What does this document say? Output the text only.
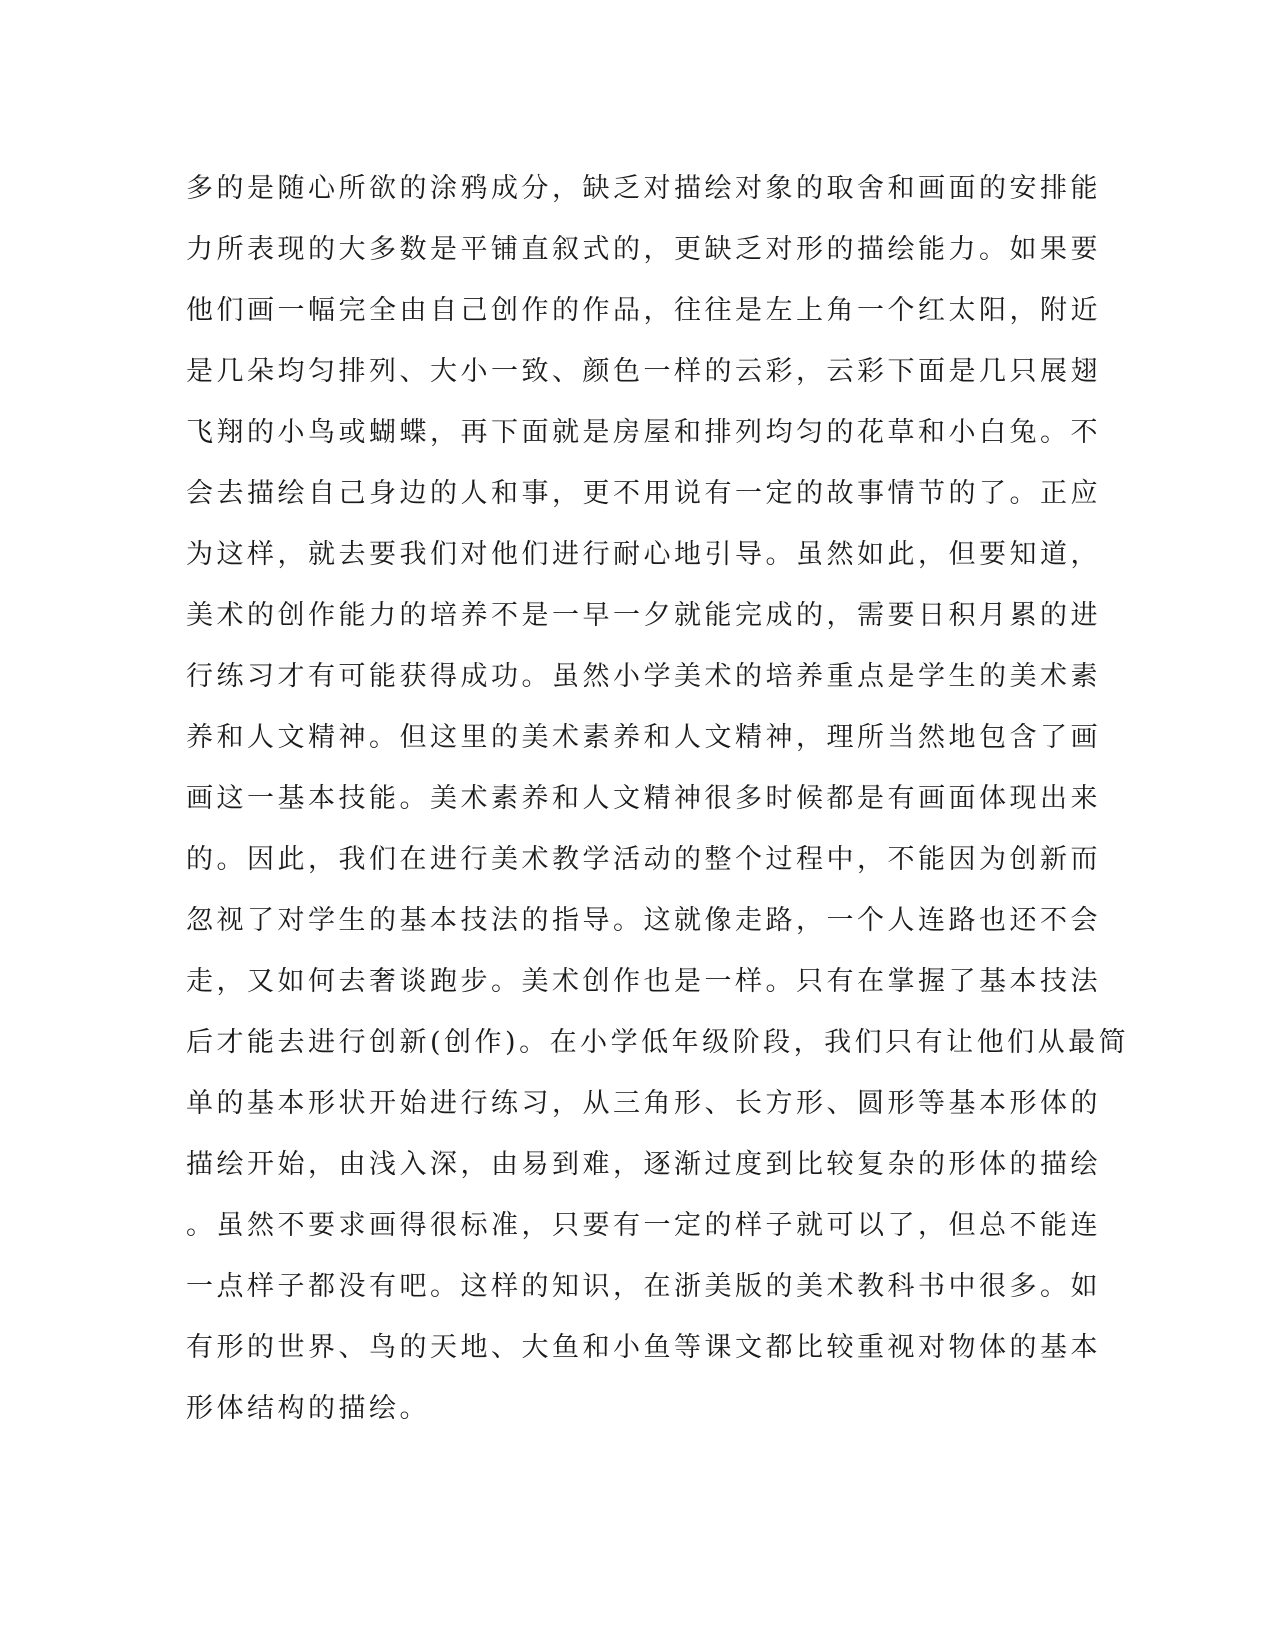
多的是随心所欲的涂鸦成分，缺乏对描绘对象的取舍和画面的安排能
力所表现的大多数是平铺直叙式的，更缺乏对形的描绘能力。如果要
他们画一幅完全由自己创作的作品，往往是左上角一个红太阳，附近
是几朵均匀排列、大小一致、颜色一样的云彩，云彩下面是几只展翅
飞翔的小鸟或蝴蝶，再下面就是房屋和排列均匀的花草和小白兔。不
会去描绘自己身边的人和事，更不用说有一定的故事情节的了。正应
为这样，就去要我们对他们进行耐心地引导。虽然如此，但要知道，
美术的创作能力的培养不是一早一夕就能完成的，需要日积月累的进
行练习才有可能获得成功。虽然小学美术的培养重点是学生的美术素
养和人文精神。但这里的美术素养和人文精神，理所当然地包含了画
画这一基本技能。美术素养和人文精神很多时候都是有画面体现出来
的。因此，我们在进行美术教学活动的整个过程中，不能因为创新而
忽视了对学生的基本技法的指导。这就像走路，一个人连路也还不会
走，又如何去奢谈跑步。美术创作也是一样。只有在掌握了基本技法
后才能去进行创新(创作)。在小学低年级阶段，我们只有让他们从最简
单的基本形状开始进行练习，从三角形、长方形、圆形等基本形体的
描绘开始，由浅入深，由易到难，逐渐过度到比较复杂的形体的描绘
。虽然不要求画得很标准，只要有一定的样子就可以了，但总不能连
一点样子都没有吧。这样的知识，在浙美版的美术教科书中很多。如
有形的世界、鸟的天地、大鱼和小鱼等课文都比较重视对物体的基本
形体结构的描绘。
